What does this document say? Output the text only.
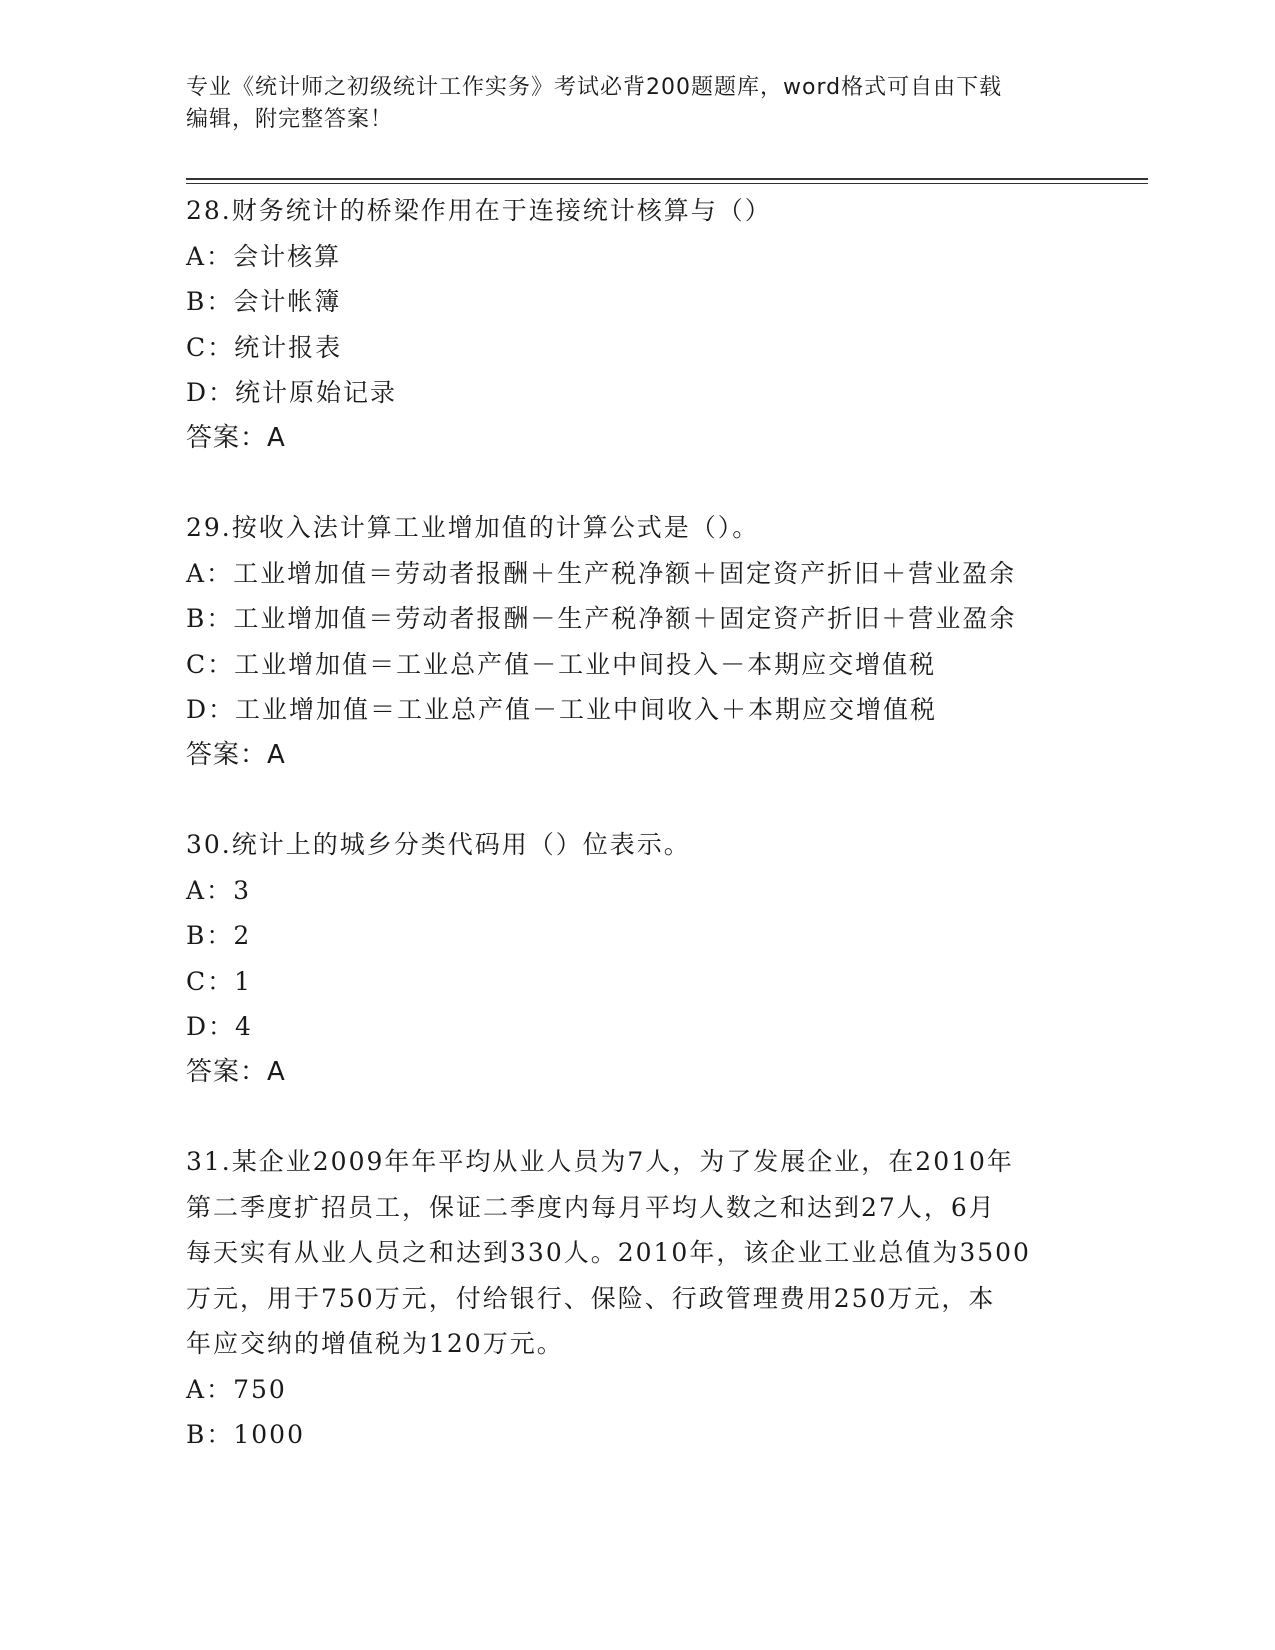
专业《统计师之初级统计工作实务》考试必背200题题库，word格式可自由下载
编辑，附完整答案！
28.财务统计的桥梁作用在于连接统计核算与（）
A：会计核算
B：会计帐簿
C：统计报表
D：统计原始记录
答案：A
29.按收入法计算工业增加值的计算公式是（）。
A：工业增加值＝劳动者报酬＋生产税净额＋固定资产折旧＋营业盈余
B：工业增加值＝劳动者报酬－生产税净额＋固定资产折旧＋营业盈余
C：工业增加值＝工业总产值－工业中间投入－本期应交增值税
D：工业增加值＝工业总产值－工业中间收入＋本期应交增值税
答案：A
30.统计上的城乡分类代码用（）位表示。
A：3
B：2
C：1
D：4
答案：A
31.某企业2009年年平均从业人员为7人，为了发展企业，在2010年
第二季度扩招员工，保证二季度内每月平均人数之和达到27人，6月
每天实有从业人员之和达到330人。2010年，该企业工业总值为3500
万元，用于750万元，付给银行、保险、行政管理费用250万元，本
年应交纳的增值税为120万元。
A：750
B：1000
